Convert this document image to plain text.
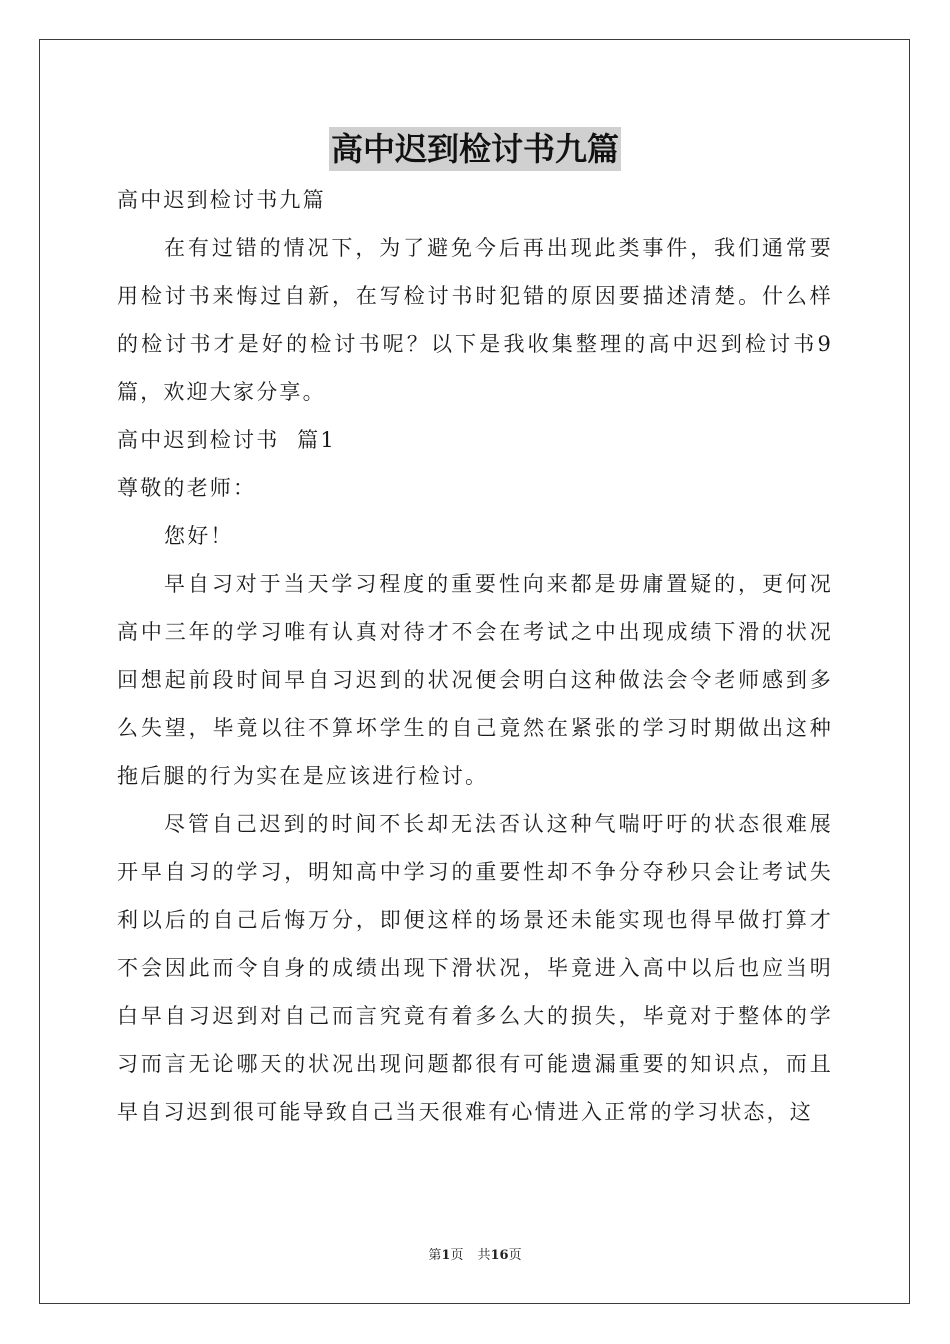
高中迟到检讨书九篇

高中迟到检讨书九篇

在有过错的情况下，为了避免今后再出现此类事件，我们通常要用检讨书来悔过自新，在写检讨书时犯错的原因要描述清楚。什么样的检讨书才是好的检讨书呢？以下是我收集整理的高中迟到检讨书9篇，欢迎大家分享。

高中迟到检讨书  篇1

尊敬的老师：

您好！

早自习对于当天学习程度的重要性向来都是毋庸置疑的，更何况高中三年的学习唯有认真对待才不会在考试之中出现成绩下滑的状况回想起前段时间早自习迟到的状况便会明白这种做法会令老师感到多么失望，毕竟以往不算坏学生的自己竟然在紧张的学习时期做出这种拖后腿的行为实在是应该进行检讨。

尽管自己迟到的时间不长却无法否认这种气喘吁吁的状态很难展开早自习的学习，明知高中学习的重要性却不争分夺秒只会让考试失利以后的自己后悔万分，即便这样的场景还未能实现也得早做打算才不会因此而令自身的成绩出现下滑状况，毕竟进入高中以后也应当明白早自习迟到对自己而言究竟有着多么大的损失，毕竟对于整体的学习而言无论哪天的状况出现问题都很有可能遗漏重要的知识点，而且早自习迟到很可能导致自己当天很难有心情进入正常的学习状态，这

第1页 共16页
